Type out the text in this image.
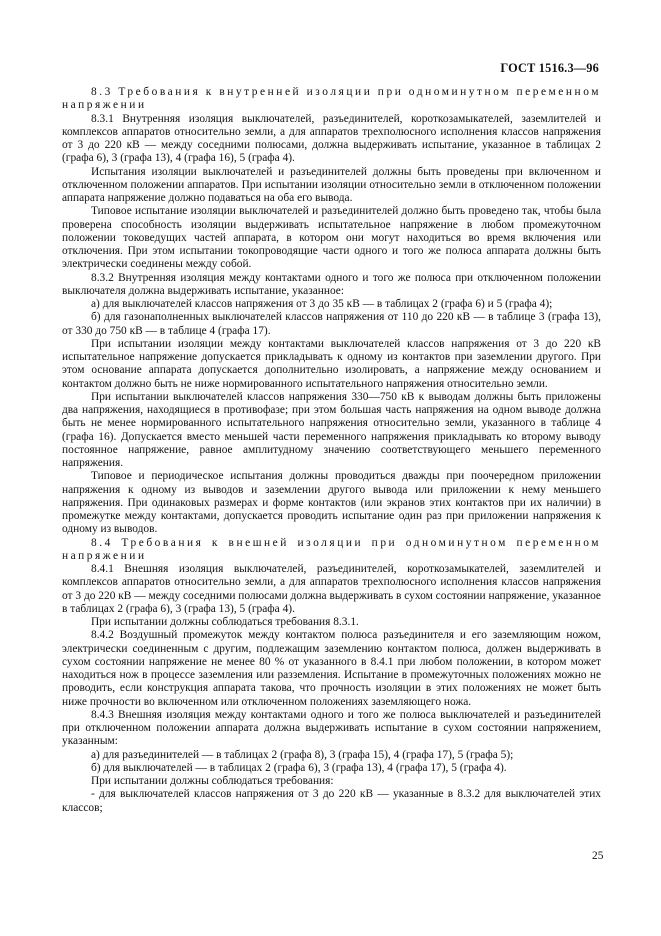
ГОСТ 1516.3—96

8.3 Требования к внутренней изоляции при одноминутном переменном напряжении

8.3.1 Внутренняя изоляция выключателей, разъединителей, короткозамыкателей, заземлителей и комплексов аппаратов относительно земли, а для аппаратов трехполюсного исполнения классов напряжения от 3 до 220 кВ — между соседними полюсами, должна выдерживать испытание, указанное в таблицах 2 (графа 6), 3 (графа 13), 4 (графа 16), 5 (графа 4).

Испытания изоляции выключателей и разъединителей должны быть проведены при включенном и отключенном положении аппаратов. При испытании изоляции относительно земли в отключенном положении аппарата напряжение должно подаваться на оба его вывода.

Типовое испытание изоляции выключателей и разъединителей должно быть проведено так, чтобы была проверена способность изоляции выдерживать испытательное напряжение в любом промежуточном положении токоведущих частей аппарата, в котором они могут находиться во время включения или отключения. При этом испытании токопроводящие части одного и того же полюса аппарата должны быть электрически соединены между собой.

8.3.2 Внутренняя изоляция между контактами одного и того же полюса при отключенном положении выключателя должна выдерживать испытание, указанное:

а) для выключателей классов напряжения от 3 до 35 кВ — в таблицах 2 (графа 6) и 5 (графа 4);

б) для газонаполненных выключателей классов напряжения от 110 до 220 кВ — в таблице 3 (графа 13), от 330 до 750 кВ — в таблице 4 (графа 17).

При испытании изоляции между контактами выключателей классов напряжения от 3 до 220 кВ испытательное напряжение допускается прикладывать к одному из контактов при заземлении другого. При этом основание аппарата допускается дополнительно изолировать, а напряжение между основанием и контактом должно быть не ниже нормированного испытательного напряжения относительно земли.

При испытании выключателей классов напряжения 330—750 кВ к выводам должны быть приложены два напряжения, находящиеся в противофазе; при этом большая часть напряжения на одном выводе должна быть не менее нормированного испытательного напряжения относительно земли, указанного в таблице 4 (графа 16). Допускается вместо меньшей части переменного напряжения прикладывать ко второму выводу постоянное напряжение, равное амплитудному значению соответствующего меньшего переменного напряжения.

Типовое и периодическое испытания должны проводиться дважды при поочередном приложении напряжения к одному из выводов и заземлении другого вывода или приложении к нему меньшего напряжения. При одинаковых размерах и форме контактов (или экранов этих контактов при их наличии) в промежутке между контактами, допускается проводить испытание один раз при приложении напряжения к одному из выводов.

8.4 Требования к внешней изоляции при одноминутном переменном напряжении

8.4.1 Внешняя изоляция выключателей, разъединителей, короткозамыкателей, заземлителей и комплексов аппаратов относительно земли, а для аппаратов трехполюсного исполнения классов напряжения от 3 до 220 кВ — между соседними полюсами должна выдерживать в сухом состоянии напряжение, указанное в таблицах 2 (графа 6), 3 (графа 13), 5 (графа 4).

При испытании должны соблюдаться требования 8.3.1.

8.4.2 Воздушный промежуток между контактом полюса разъединителя и его заземляющим ножом, электрически соединенным с другим, подлежащим заземлению контактом полюса, должен выдерживать в сухом состоянии напряжение не менее 80 % от указанного в 8.4.1 при любом положении, в котором может находиться нож в процессе заземления или разземления. Испытание в промежуточных положениях можно не проводить, если конструкция аппарата такова, что прочность изоляции в этих положениях не может быть ниже прочности во включенном или отключенном положениях заземляющего ножа.

8.4.3 Внешняя изоляция между контактами одного и того же полюса выключателей и разъединителей при отключенном положении аппарата должна выдерживать испытание в сухом состоянии напряжением, указанным:

а) для разъединителей — в таблицах 2 (графа 8), 3 (графа 15), 4 (графа 17), 5 (графа 5);

б) для выключателей — в таблицах 2 (графа 6), 3 (графа 13), 4 (графа 17), 5 (графа 4).

При испытании должны соблюдаться требования:

- для выключателей классов напряжения от 3 до 220 кВ — указанные в 8.3.2 для выключателей этих классов;

25
